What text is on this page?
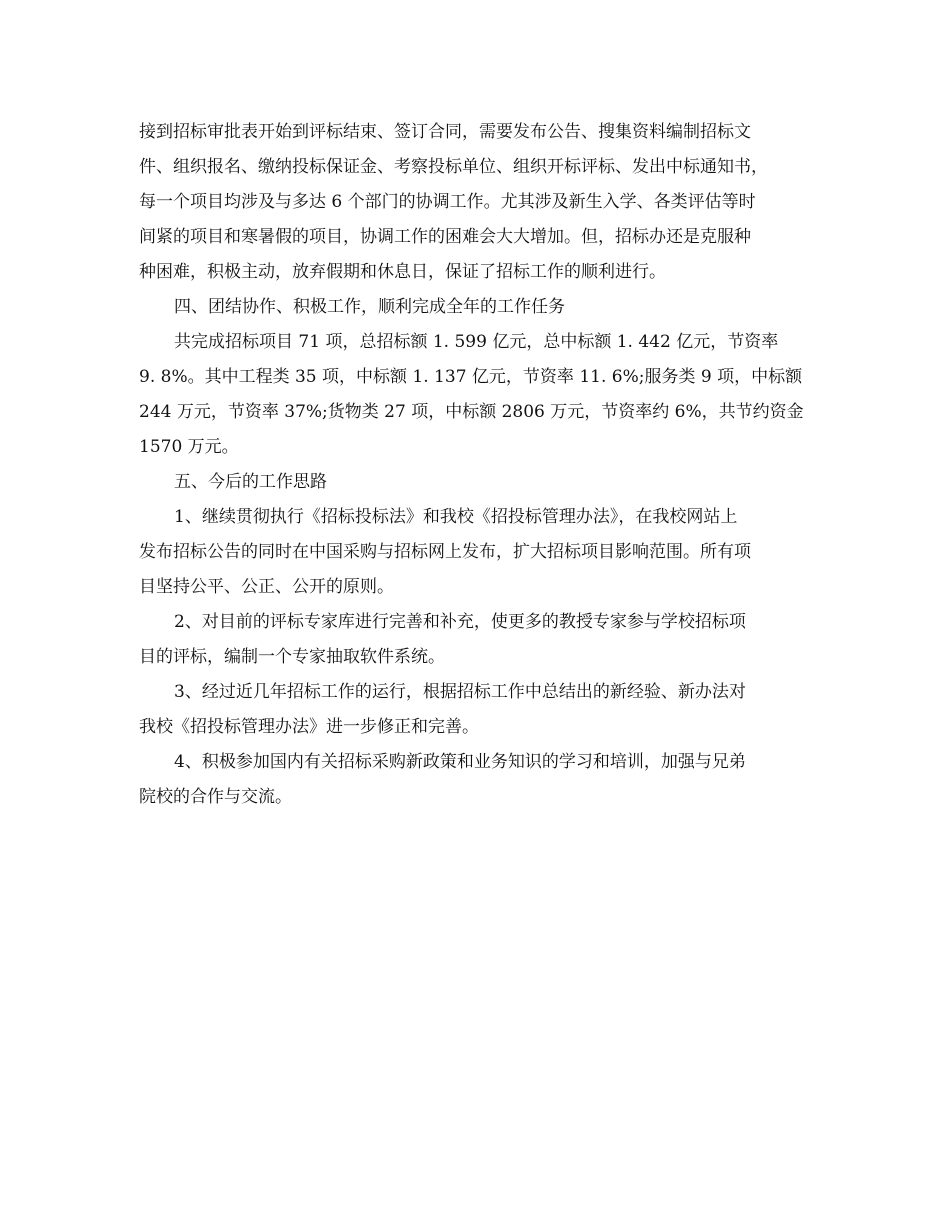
接到招标审批表开始到评标结束、签订合同，需要发布公告、搜集资料编制招标文
件、组织报名、缴纳投标保证金、考察投标单位、组织开标评标、发出中标通知书，
每一个项目均涉及与多达 6 个部门的协调工作。尤其涉及新生入学、各类评估等时
间紧的项目和寒暑假的项目，协调工作的困难会大大增加。但，招标办还是克服种
种困难，积极主动，放弃假期和休息日，保证了招标工作的顺利进行。
四、团结协作、积极工作，顺利完成全年的工作任务
共完成招标项目 71 项，总招标额 1. 599 亿元，总中标额 1. 442 亿元，节资率
9. 8%。其中工程类 35 项，中标额 1. 137 亿元，节资率 11. 6%;服务类 9 项，中标额
244 万元，节资率 37%;货物类 27 项，中标额 2806 万元，节资率约 6%，共节约资金
1570 万元。
五、今后的工作思路
1、继续贯彻执行《招标投标法》和我校《招投标管理办法》，在我校网站上
发布招标公告的同时在中国采购与招标网上发布，扩大招标项目影响范围。所有项
目坚持公平、公正、公开的原则。
2、对目前的评标专家库进行完善和补充，使更多的教授专家参与学校招标项
目的评标，编制一个专家抽取软件系统。
3、经过近几年招标工作的运行，根据招标工作中总结出的新经验、新办法对
我校《招投标管理办法》进一步修正和完善。
4、积极参加国内有关招标采购新政策和业务知识的学习和培训，加强与兄弟
院校的合作与交流。
